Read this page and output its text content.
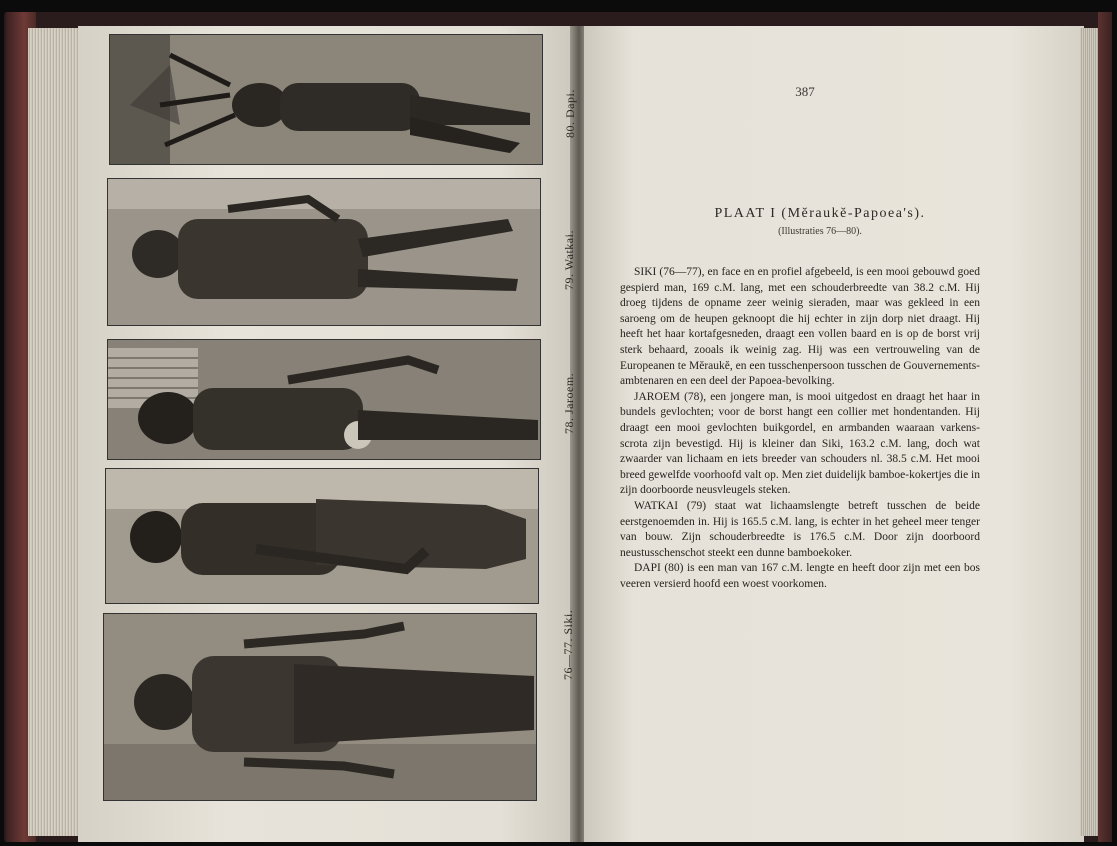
80. Dapi.
79. Watkai.
78. Jaroem.
76—77. Siki.
387
PLAAT I (Mĕraukĕ-Papoea's).
(Illustraties 76—80).

SIKI (76—77), en face en en profiel afgebeeld, is een mooi gebouwd goed gespierd man, 169 c.M. lang, met een schouderbreedte van 38.2 c.M. Hij droeg tijdens de opname zeer weinig sieraden, maar was gekleed in een saroeng om de heupen geknoopt die hij echter in zijn dorp niet draagt. Hij heeft het haar kortafgesneden, draagt een vollen baard en is op de borst vrij sterk behaard, zooals ik weinig zag. Hij was een vertrouweling van de Europeanen te Mĕraukĕ, en een tusschenpersoon tusschen de Gouvernements-ambtenaren en een deel der Papoea-bevolking.

JAROEM (78), een jongere man, is mooi uitgedost en draagt het haar in bundels gevlochten; voor de borst hangt een collier met hondentanden. Hij draagt een mooi gevlochten buikgordel, en armbanden waaraan varkens-scrota zijn bevestigd. Hij is kleiner dan Siki, 163.2 c.M. lang, doch wat zwaarder van lichaam en iets breeder van schouders nl. 38.5 c.M. Het mooi breed gewelfde voorhoofd valt op. Men ziet duidelijk bamboe-kokertjes die in zijn doorboorde neusvleugels steken.

WATKAI (79) staat wat lichaamslengte betreft tusschen de beide eerstgenoemden in. Hij is 165.5 c.M. lang, is echter in het geheel meer tenger van bouw. Zijn schouderbreedte is 176.5 c.M. Door zijn doorboord neustusschenschot steekt een dunne bamboekoker.

DAPI (80) is een man van 167 c.M. lengte en heeft door zijn met een bos veeren versierd hoofd een woest voorkomen.
